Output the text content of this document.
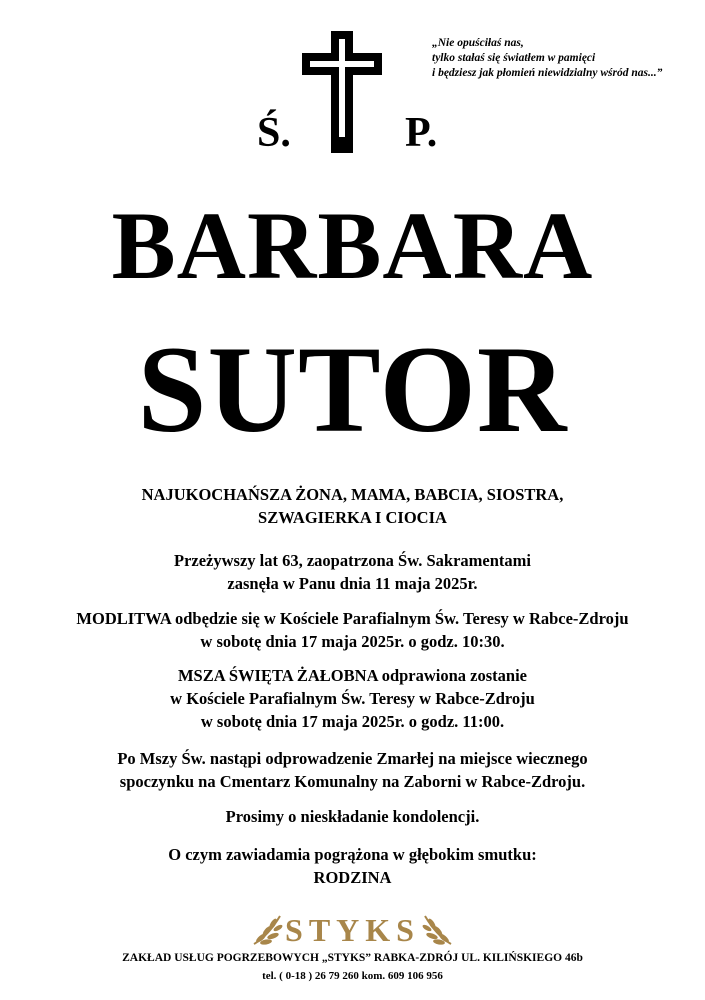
„Nie opuściłaś nas,
tylko stałaś się światłem w pamięci
i będziesz jak płomień niewidzialny wśród nas...”
Ś.	P.
BARBARA
SUTOR
NAJUKOCHAŃSZA ŻONA, MAMA, BABCIA, SIOSTRA,
SZWAGIERKA I CIOCIA
Przeżywszy lat 63, zaopatrzona Św. Sakramentami
zasnęła w Panu dnia 11 maja 2025r.
MODLITWA odbędzie się w Kościele Parafialnym Św. Teresy w Rabce-Zdroju
w sobotę dnia 17 maja 2025r. o godz. 10:30.
MSZA ŚWIĘTA ŻAŁOBNA odprawiona zostanie
w Kościele Parafialnym Św. Teresy w Rabce-Zdroju
w sobotę dnia 17 maja 2025r. o godz. 11:00.
Po Mszy Św. nastąpi odprowadzenie Zmarłej na miejsce wiecznego
spoczynku na Cmentarz Komunalny na Zaborni w Rabce-Zdroju.
Prosimy o nieskładanie kondolencji.
O czym zawiadamia pogrążona w głębokim smutku:
RODZINA
STYKS
ZAKŁAD USŁUG POGRZEBOWYCH „STYKS” RABKA-ZDRÓJ UL. KILIŃSKIEGO 46b
tel. ( 0-18 ) 26 79 260 kom. 609 106 956
